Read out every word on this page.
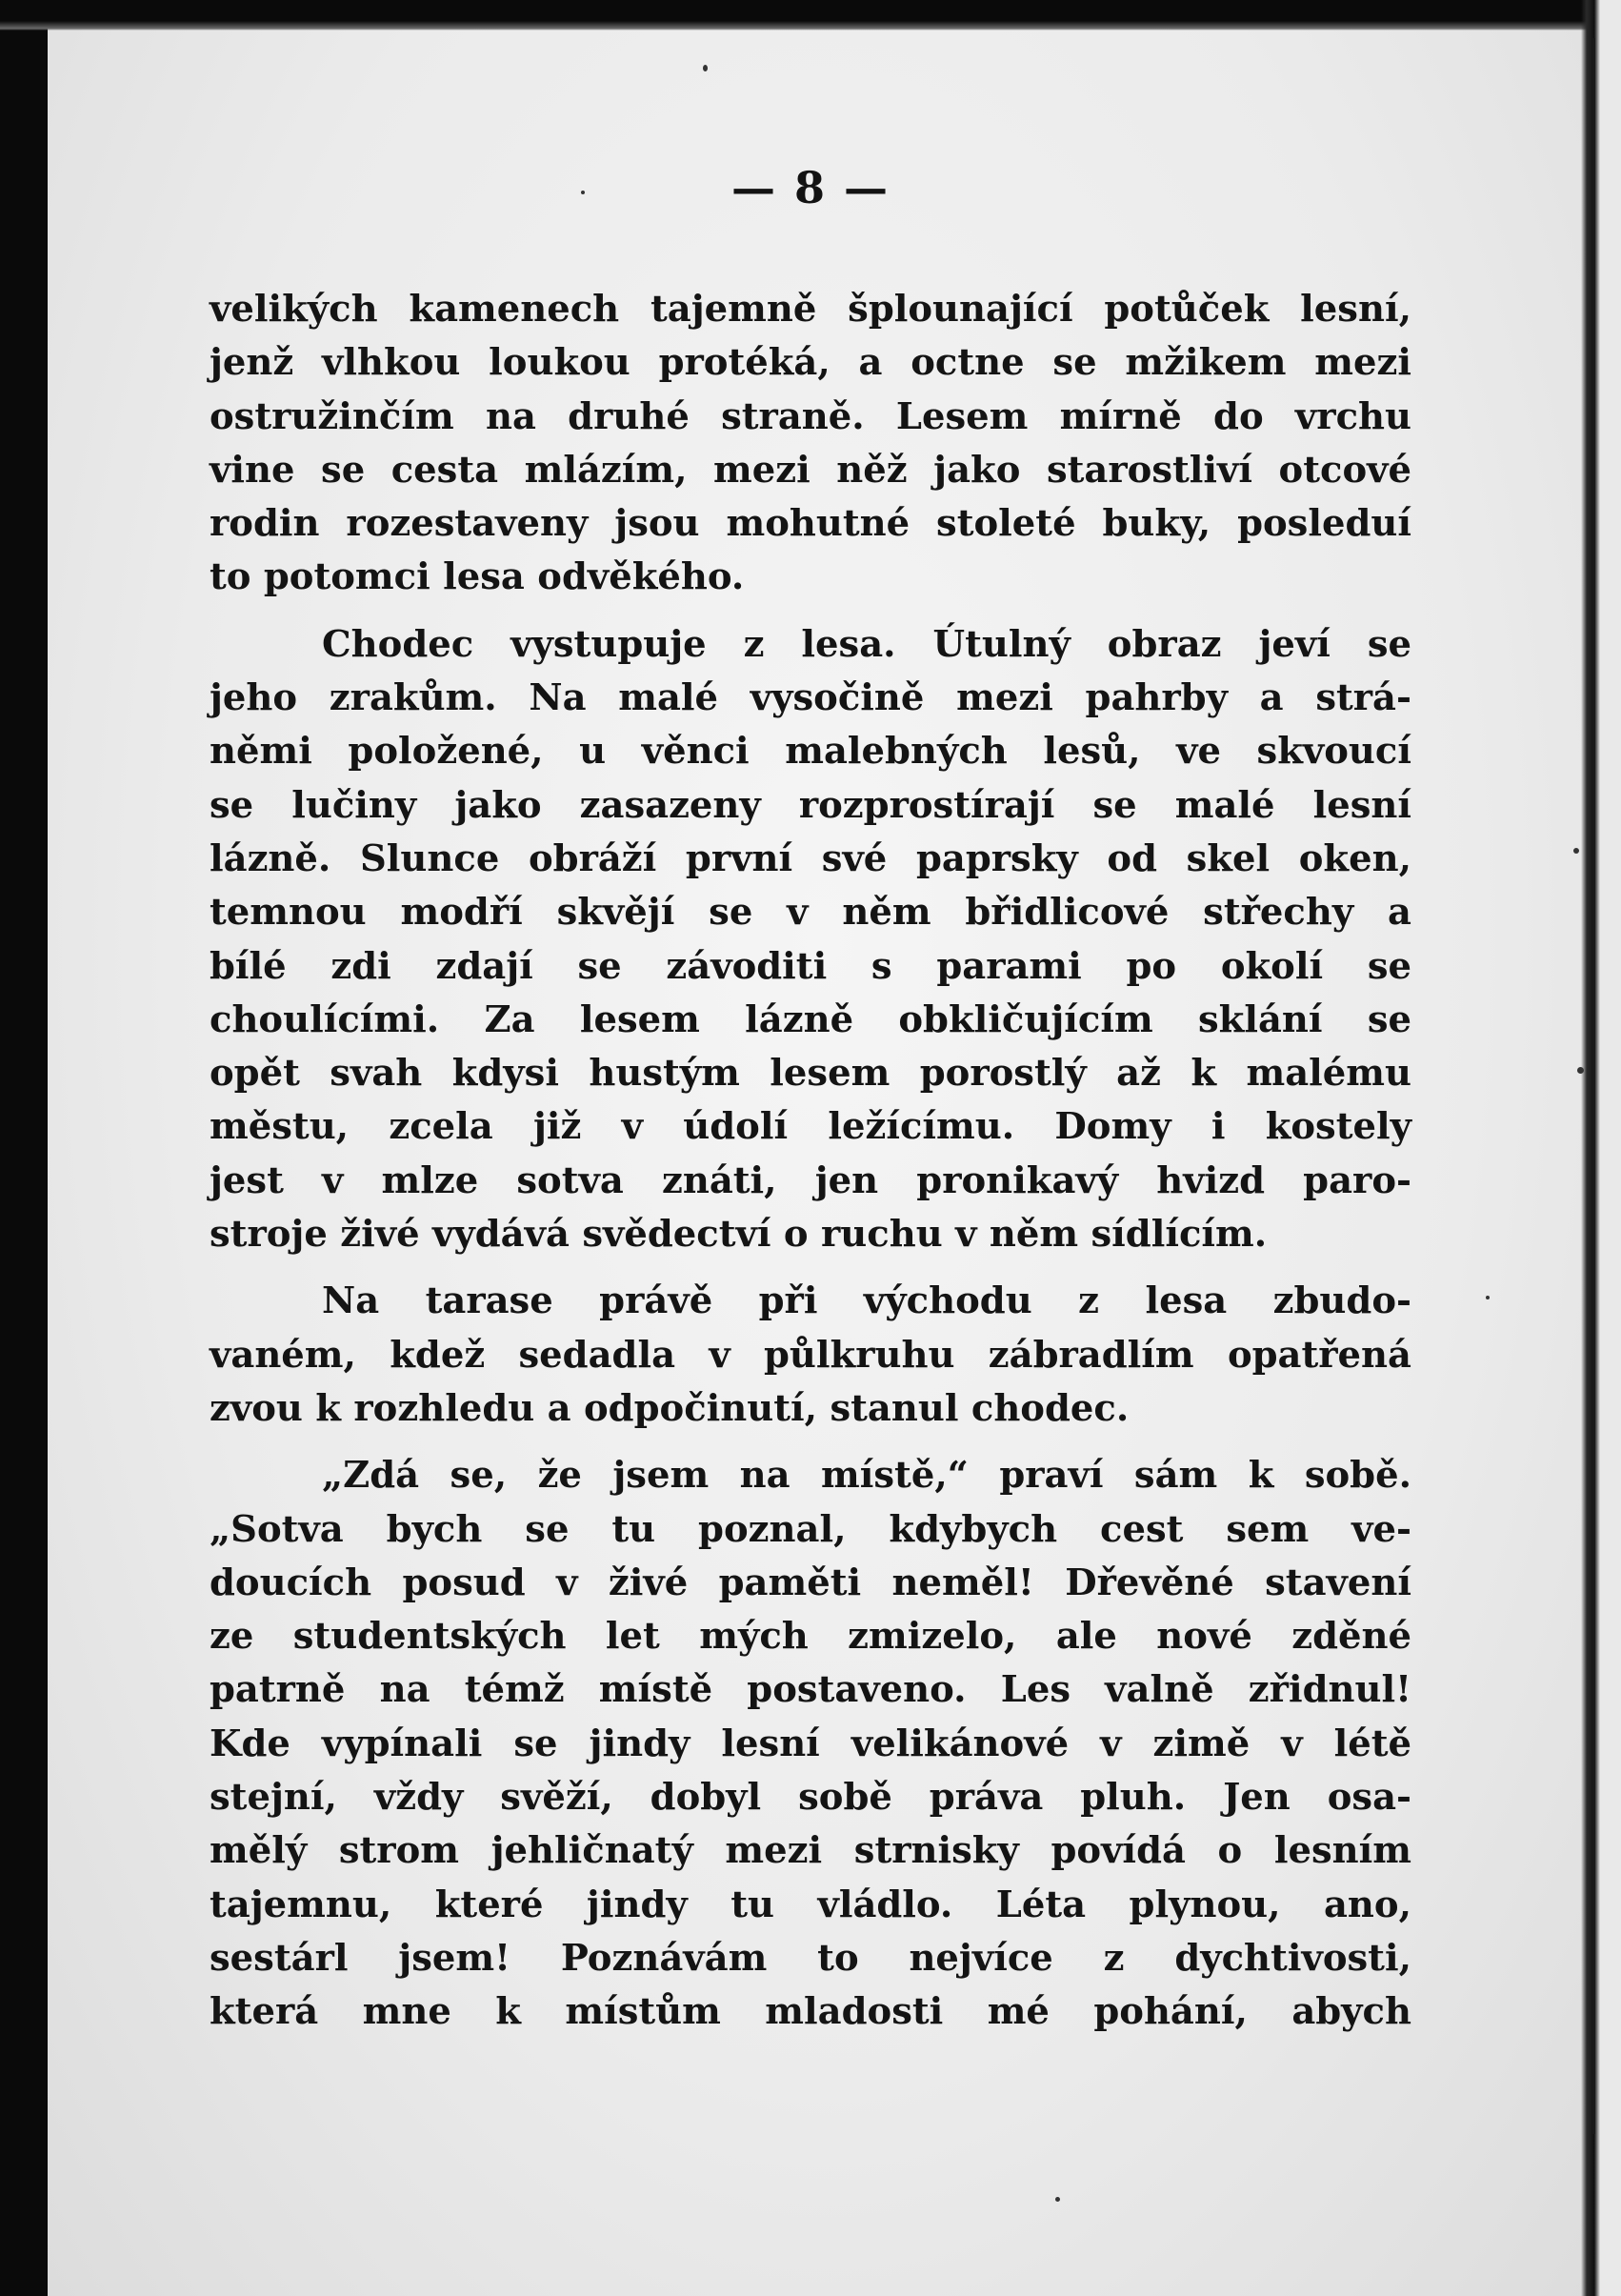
— 8 —
velikých kamenech tajemně šplounající potůček lesní,
jenž vlhkou loukou protéká, a octne se mžikem mezi
ostružinčím na druhé straně. Lesem mírně do vrchu
vine se cesta mlázím, mezi něž jako starostliví otcové
rodin rozestaveny jsou mohutné stoleté buky, posleduí
to potomci lesa odvěkého.
Chodec vystupuje z lesa. Útulný obraz jeví se
jeho zrakům. Na malé vysočině mezi pahrby a strá-
němi položené, u věnci malebných lesů, ve skvoucí
se lučiny jako zasazeny rozprostírají se malé lesní
lázně. Slunce obráží první své paprsky od skel oken,
temnou modří skvějí se v něm břidlicové střechy a
bílé zdi zdají se závoditi s parami po okolí se
choulícími. Za lesem lázně obkličujícím sklání se
opět svah kdysi hustým lesem porostlý až k malému
městu, zcela již v údolí ležícímu. Domy i kostely
jest v mlze sotva znáti, jen pronikavý hvizd paro-
stroje živé vydává svědectví o ruchu v něm sídlícím.
Na tarase právě při východu z lesa zbudo-
vaném, kdež sedadla v půlkruhu zábradlím opatřená
zvou k rozhledu a odpočinutí, stanul chodec.
„Zdá se, že jsem na místě,“ praví sám k sobě.
„Sotva bych se tu poznal, kdybych cest sem ve-
doucích posud v živé paměti neměl! Dřevěné stavení
ze studentských let mých zmizelo, ale nové zděné
patrně na témž místě postaveno. Les valně zřidnul!
Kde vypínali se jindy lesní velikánové v zimě v létě
stejní, vždy svěží, dobyl sobě práva pluh. Jen osa-
mělý strom jehličnatý mezi strnisky povídá o lesním
tajemnu, které jindy tu vládlo. Léta plynou, ano,
sestárl jsem! Poznávám to nejvíce z dychtivosti,
která mne k místům mladosti mé pohání, abych
